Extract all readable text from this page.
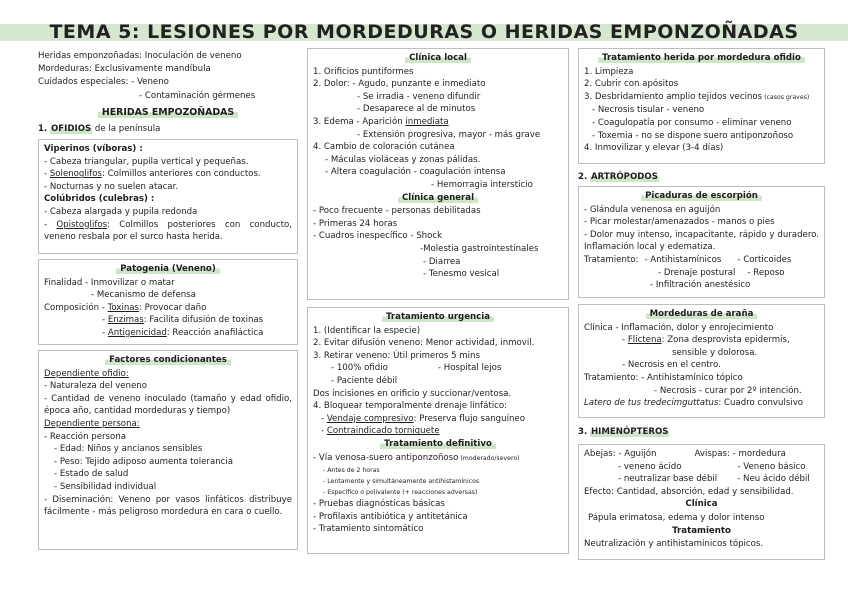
TEMA 5: LESIONES POR MORDEDURAS O HERIDAS EMPONZOÑADAS
Heridas emponzoñadas: Inoculación de veneno
Mordeduras: Exclusivamente mandíbula
Cuidados especiales: - Veneno
- Contaminación gérmenes
HERIDAS EMPOZOÑADAS
1. OFIDIOS de la península
Viperinos (víboras) :
- Cabeza triangular, pupila vertical y pequeñas.
- Solenoglifos: Colmillos anteriores con conductos.
- Nocturnas y no suelen atacar.
Colúbridos (culebras) :
- Cabeza alargada y pupila redonda
- Opistoglifos: Colmillos posteriores con conducto, veneno resbala por el surco hasta herida.
Patogenia (Veneno)
Finalidad - Inmovilizar o matar
- Mecanismo de defensa
Composición - Toxinas: Provocar daño
- Enzimas: Facilita difusión de toxinas
- Antigenicidad: Reacción anafiláctica
Factores condicionantes
Dependiente ofidio:
- Naturaleza del veneno
- Cantidad de veneno inoculado (tamaño y edad ofidio, época año, cantidad mordeduras y tiempo)
Dependiente persona:
- Reacción persona
- Edad: Niños y ancianos sensibles
- Peso: Tejido adiposo aumenta tolerancia
- Estado de salud
- Sensibilidad individual
- Diseminación: Veneno por vasos linfáticos distribuye fácilmente - más peligroso mordedura en cara o cuello.
Clínica local
1. Orificios puntiformes
2. Dolor: - Agudo, punzante e inmediato
- Se irradia - veneno difundir
- Desaparece al de minutos
3. Edema - Aparición inmediata
- Extensión progresiva, mayor - más grave
4. Cambio de coloración cutánea
- Máculas violáceas y zonas pálidas.
- Altera coagulación - coagulación intensa
- Hemorragia intersticio
Clínica general
- Poco frecuente - personas debilitadas
- Primeras 24 horas
- Cuadros inespecífico - Shock
-Molestia gastrointestinales
- Diarrea
- Tenesmo vesical
Tratamiento urgencia
1. (Identificar la especie)
2. Evitar difusión veneno: Menor actividad, inmovil.
3. Retirar veneno: Útil primeros 5 mins
- 100% ofidio	- Hospital lejos
- Paciente débil
Dos incisiones en orificio y succionar/ventosa.
4. Bloquear temporalmente drenaje linfático:
- Vendaje compresivo: Preserva flujo sanguíneo
- Contraindicado torniquete
Tratamiento definitivo
- Vía venosa-suero antiponzoñoso (moderado/severo)
- Antes de 2 horas
- Lentamente y simultáneamente antihistamínicos
- Específico o polivalente (+ reacciones adversas)
- Pruebas diagnósticas básicas
- Profilaxis antibiótica y antitetánica
- Tratamiento sintomático
Tratamiento herida por mordedura ofidio
1. Limpieza
2. Cubrir con apósitos
3. Desbridamiento amplio tejidos vecinos (casos graves)
- Necrosis tisular - veneno
- Coagulopatía por consumo - eliminar veneno
- Toxemia - no se dispone suero antiponzoñoso
4. Inmovilizar y elevar (3-4 días)
2. ARTRÓPODOS
Picaduras de escorpión
- Glándula venenosa en aguijón
- Picar molestar/amenazados - manos o pies
- Dolor muy intenso, incapacitante, rápido y duradero. Inflamación local y edematiza.
Tratamiento: - Antihistamínicos - Corticoides
- Drenaje postural - Reposo
- Infiltración anestésico
Mordeduras de araña
Clínica - Inflamación, dolor y enrojecimiento
- Flictena: Zona desprovista epidermis,
sensible y dolorosa.
- Necrosis en el centro.
Tratamiento: - Antihistamínico tópico
- Necrosis - curar por 2º intención.
Latero de tus tredecimguttatus: Cuadro convulsivo
3. HIMENÓPTEROS
Abejas: - Aguijón	Avispas: - mordedura
- veneno ácido	- Veneno básico
- neutralizar base débil - Neu ácido débil
Efecto: Cantidad, absorción, edad y sensibilidad.
Clínica
Pápula erimatosa, edema y dolor intenso
Tratamiento
Neutralización y antihistamínicos tópicos.
